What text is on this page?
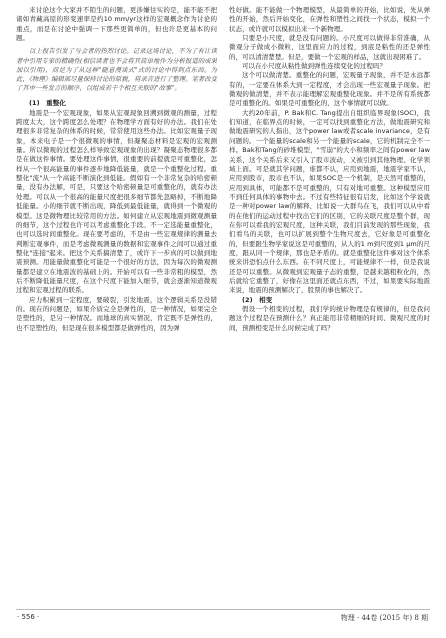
来讨论这个大家并不陌生的问题，更涉嫌往实的是，能不能不把诸如青藏高原的形变速率是约10 mm/yr这样的宏观概念作为讨论的重点，而是在讨论中强调一下那些更简单的，但也许是更基本的问题。

以上报告引发了与会者的热烈讨论。记录这场讨论，不为了有让读者中引用专家的精确性(相信读者也不会将其简单地作为分析报道的成果加以引用)，而是为了从这种"随意漫谈式"式的讨论中得到点东西。为此，《物理》编辑部尽量保持讨论的原貌，将录音进行了整理。笔者改变了其中一些发言的顺序，以组成若干个相互关联的"故事"。

(1)　重整化

地震是一个宏观现象，如果从宏观现象回溯到微观的测量，过程跨度太大，这个跨度怎么处理？在物理学方面有好的办法。我们在处理很多非常复杂的体系的时候，常常使用这些办法。比如宏观量子现象，本来电子是一个很微观的事情，但凝聚态材料是宏观的宏观测量。所以微观的过程怎么样导致宏观现象的出现？凝聚态物理很多都是在做这件事情。要处理这件事情，很重要的前提就是可重整化，怎样从一个很高能量的事件逐步地降低能量，就是一个重整化过程。重整化"流"从一个高能不断演化到低能。假如有一个非常复杂的哈密顿量，没有办法解，可是，只要这个哈密顿量是可重整化的，就有办法处理。可以从一个很高的能量尺度把很多细节都先忽略掉，不断地降低能量。小的细节就不断出现，降低到最低能量，就得到一个微观的模型。这是微物理比较常用的方法。如何建立从宏观地震到微观测量的细节，这个过程也许可以考虑重整化手段。不一定选能量重整化，也可以选时间重整化。现在要考虑的，不是由一些宏观规律的测量去判断宏观事件，而是考虑微观测量的数据和宏观事件之间可以通过重整化"连接"起来。把这个关系搞清楚了，或许下一步真的可以做到地震预测。用能量做重整化可能是一个很好的方法，因为每次的微观测量都是建立在地震波的基础上的。开始可以有一些非常粗的模型，然后不断降低能量尺度，在这个尺度下能加入细节，就会逐渐知道微观过程和宏观过程的联系。

应力积累到一定程度，要破裂，引发地震，这个逻辑关系是没错的。现在的问题是，如果介质完全是弹性的，是一种情况，如果完全是塑性的，是另一种情况。而地球的真实情况，肯定既不是弹性的，也不是塑性的，但是现在很多模型都是做弹性的，因为弹

性好做。能不能做一个物理模型，从最简单的开始，比如说，先从弹性的开始，然后开始变化，在弹性和塑性之间找一个状态，模拟一个状态，或许就可以模拟出来一个新物理。

只要是小尺度，就是没有问题的。小尺度可以做得非常准确，从微观分子做成小微粒，这里面应力的过程，到底是粘性的还是弹性的，可以清清楚楚。但是，要做一个宏观的样品，这就出现困难了。

可以在小尺度从粘性做到弹性连续变化的过程吗？

这个可以做清楚。重整化的问题，宏观量子现象，并不是永远都有的，一定要在体系大到一定程度，才会出现一些宏观量子现象。把微观的做清楚，并不表示能理解宏观重整化现象。并不是所有系统都是可重整化的。如果是可重整化的，这个事情就可以做。

大约20年前，P. Bak和C. Tang提出自组织临界现象(SOC)，我们知道，在临界点的时候，一定可以找到重整化方法，做地震研究和做地震研究的人指出，这个power law或者scale invariance，是有问题的。一个能量的scale和另一个能量的scale，它的机制完全不一样。Bak和Tang的砂堆模型，"雪崩"的大小和频率之间有power law关系，这个关系后来又引入了股市波动，又被引到其他物理、化学领域上面。可是就其学问题，谁都不认，应用到地震，地震学家不认，应用到股市，股市也不认，如果SOC是一个机制，是天然可重整的，应用到具体，可能都不是可重整的，只有对地可重整。这种模型应用不到任何具体的事物中去。不过有些特征很有启发，比如这个学说就是一种对power law的解释，比如说一大群鸟在飞，我们可以从中看的在他们的运动过程中找出它们的区别，它的关联尺度是整个群，现在你可以看我的宏观尺度，这种关联，我们目前发现的那些现象，我们看鸟的关联，也可以扩展到整个生物尺度去，它好象是可重整化的，但要跟生物学家说这是可重整的，从人的1 m到尺度到1 μm的尺度，跟从同一个规律，那也是矛盾的。就是重整化这件事对这个体系统来讲恐怕点什么东西。在不同尺度上，可能规律不一样，但是我说还是可以重整。从微观到宏观量子态的重整，是越来越粗粒化的，然后就给它重整了，好像在这里面还就点东西，不过，如果要实际地震来说，地震的预测解决了，股票的事也解决了。

(2)　相变

假设一个相变的过程，我们学的统计物理是有规律的，但是我问题这个过程是在预测什么？真正能用非常精细的时间、微观尺度的时间，预测相变是什么时候完成了吗？

· 556 ·	物理 · 44卷 (2015 年) 8 期
